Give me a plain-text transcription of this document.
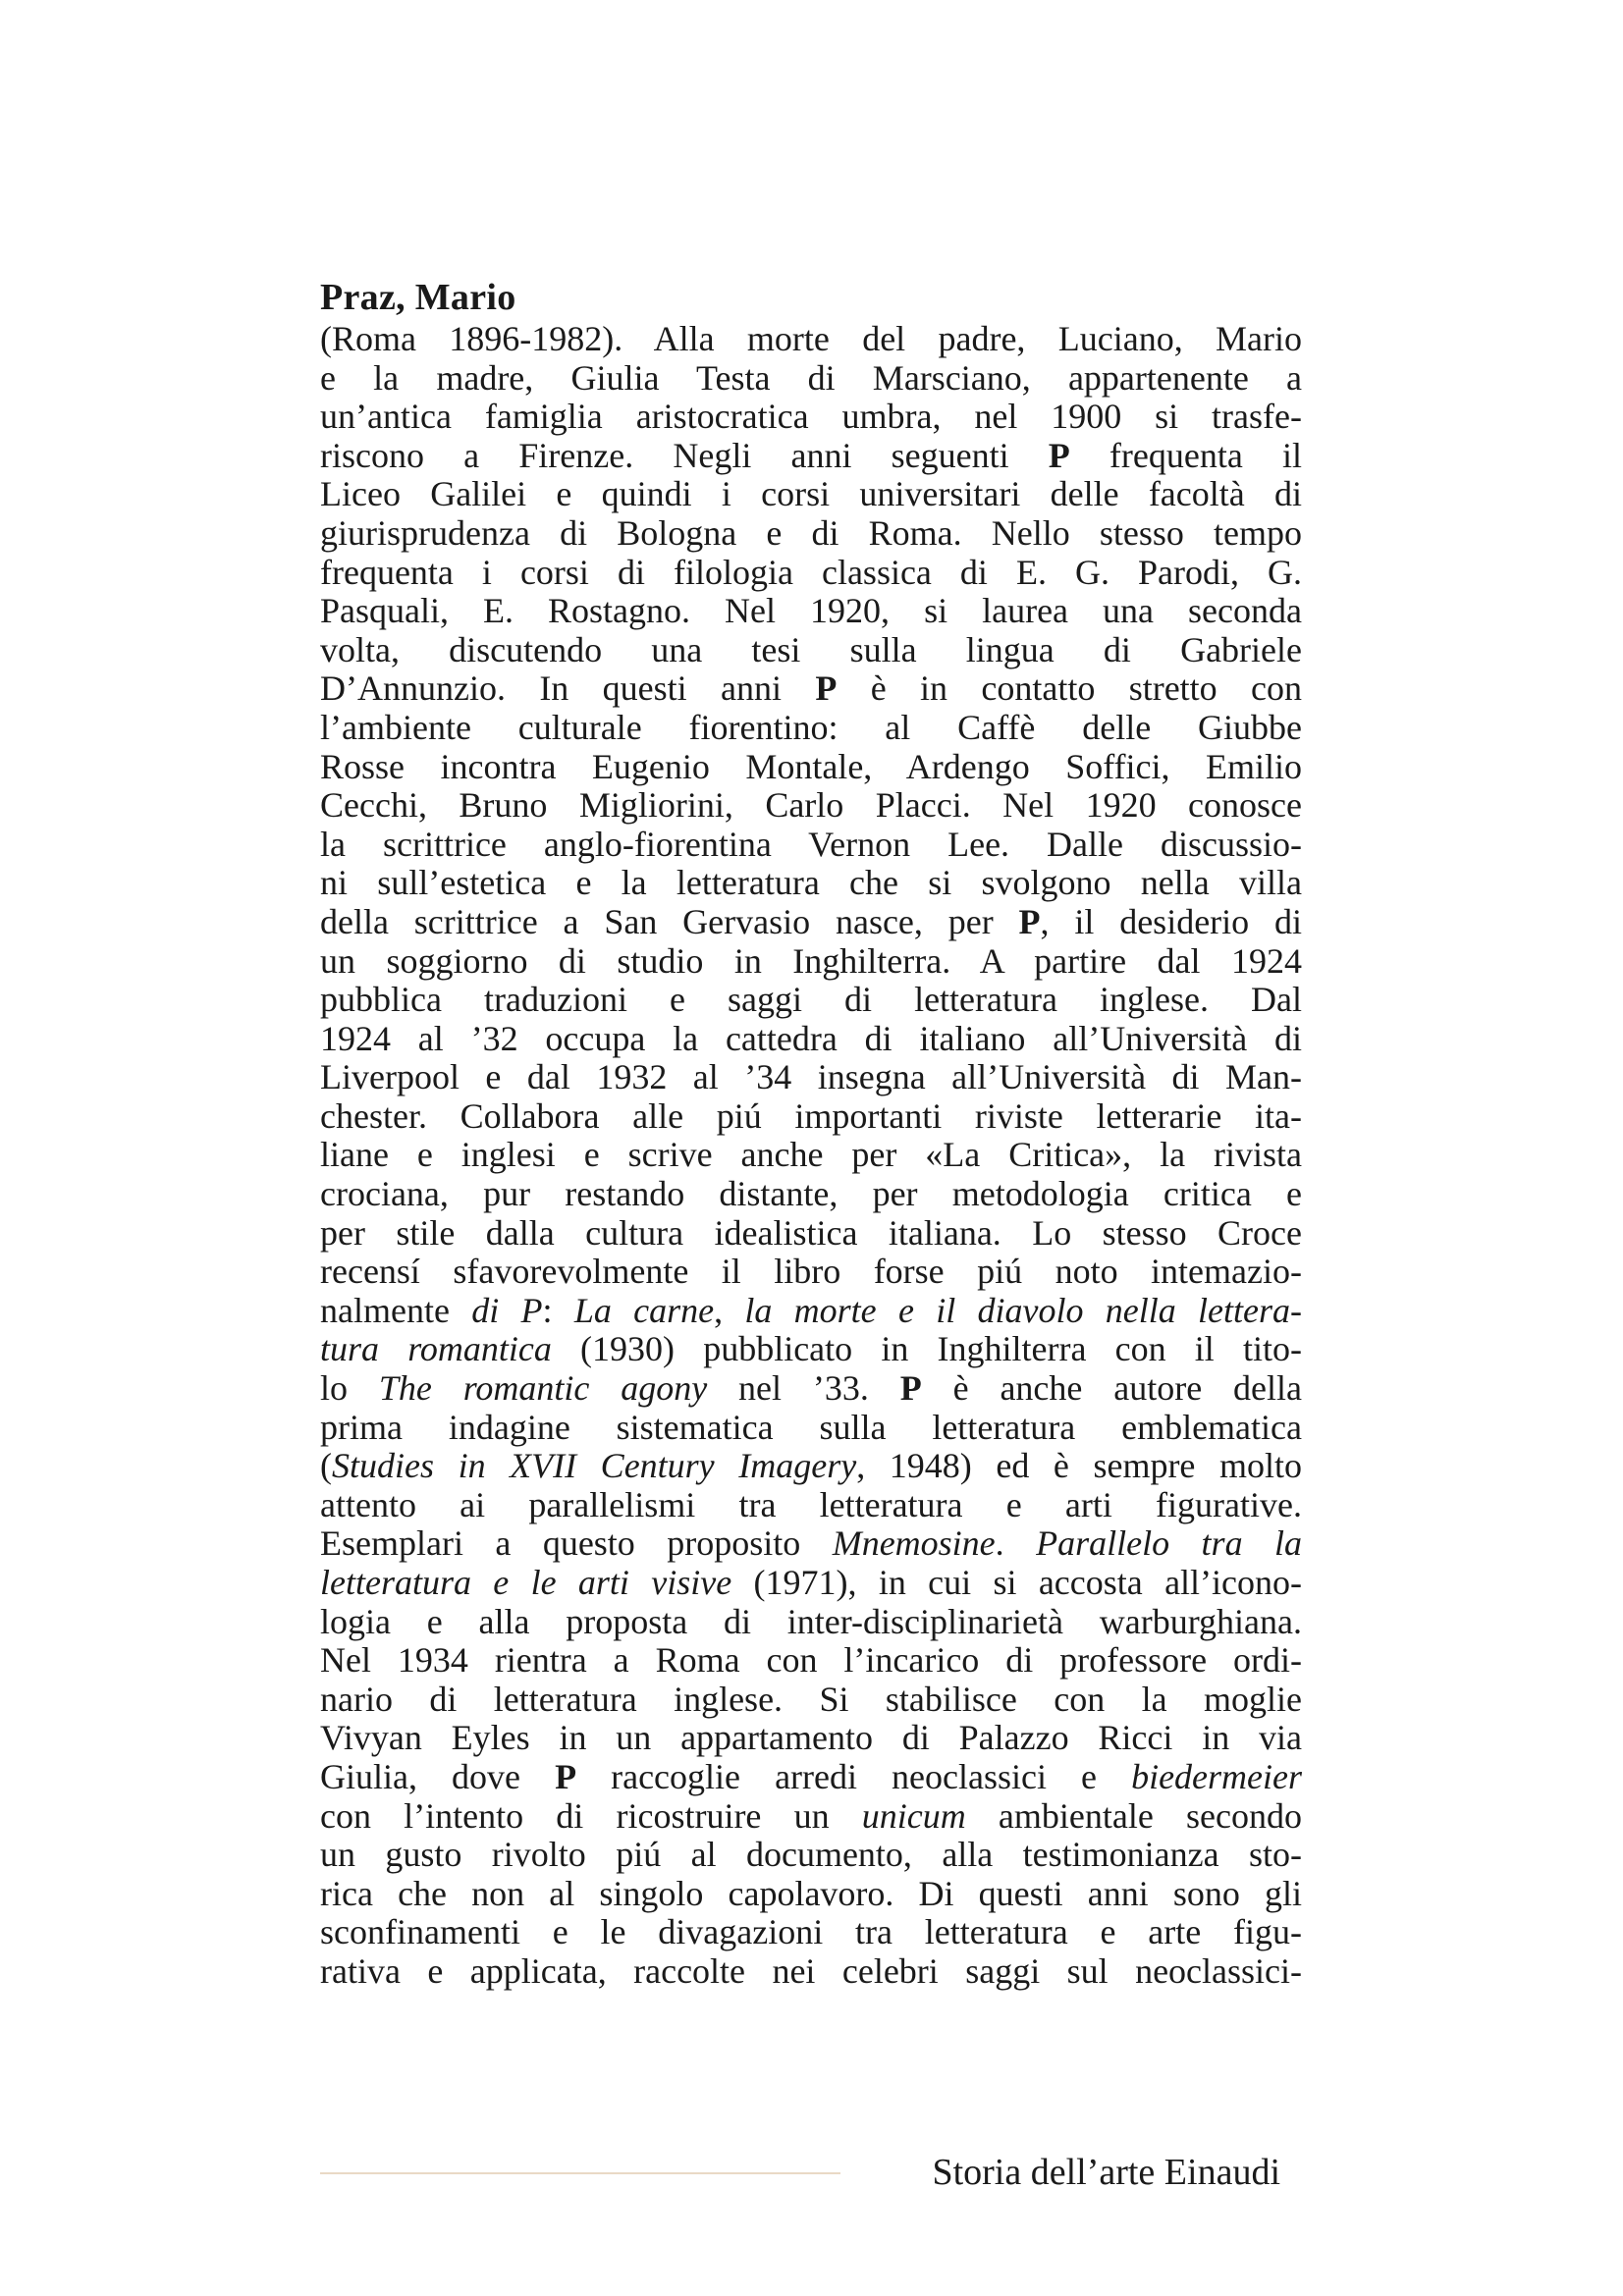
Praz, Mario
(Roma 1896-1982). Alla morte del padre, Luciano, Mario
e la madre, Giulia Testa di Marsciano, appartenente a
un’antica famiglia aristocratica umbra, nel 1900 si trasfe-
riscono a Firenze. Negli anni seguenti P frequenta il
Liceo Galilei e quindi i corsi universitari delle facoltà di
giurisprudenza di Bologna e di Roma. Nello stesso tempo
frequenta i corsi di filologia classica di E. G. Parodi, G.
Pasquali, E. Rostagno. Nel 1920, si laurea una seconda
volta, discutendo una tesi sulla lingua di Gabriele
D’Annunzio. In questi anni P è in contatto stretto con
l’ambiente culturale fiorentino: al Caffè delle Giubbe
Rosse incontra Eugenio Montale, Ardengo Soffici, Emilio
Cecchi, Bruno Migliorini, Carlo Placci. Nel 1920 conosce
la scrittrice anglo-fiorentina Vernon Lee. Dalle discussio-
ni sull’estetica e la letteratura che si svolgono nella villa
della scrittrice a San Gervasio nasce, per P, il desiderio di
un soggiorno di studio in Inghilterra. A partire dal 1924
pubblica traduzioni e saggi di letteratura inglese. Dal
1924 al ’32 occupa la cattedra di italiano all’Università di
Liverpool e dal 1932 al ’34 insegna all’Università di Man-
chester. Collabora alle piú importanti riviste letterarie ita-
liane e inglesi e scrive anche per «La Critica», la rivista
crociana, pur restando distante, per metodologia critica e
per stile dalla cultura idealistica italiana. Lo stesso Croce
recensí sfavorevolmente il libro forse piú noto intemazio-
nalmente di P: La carne, la morte e il diavolo nella lettera-
tura romantica (1930) pubblicato in Inghilterra con il tito-
lo The romantic agony nel ’33. P è anche autore della
prima indagine sistematica sulla letteratura emblematica
(Studies in XVII Century Imagery, 1948) ed è sempre molto
attento ai parallelismi tra letteratura e arti figurative.
Esemplari a questo proposito Mnemosine. Parallelo tra la
letteratura e le arti visive (1971), in cui si accosta all’icono-
logia e alla proposta di inter-disciplinarietà warburghiana.
Nel 1934 rientra a Roma con l’incarico di professore ordi-
nario di letteratura inglese. Si stabilisce con la moglie
Vivyan Eyles in un appartamento di Palazzo Ricci in via
Giulia, dove P raccoglie arredi neoclassici e biedermeier
con l’intento di ricostruire un unicum ambientale secondo
un gusto rivolto piú al documento, alla testimonianza sto-
rica che non al singolo capolavoro. Di questi anni sono gli
sconfinamenti e le divagazioni tra letteratura e arte figu-
rativa e applicata, raccolte nei celebri saggi sul neoclassici-
Storia dell’arte Einaudi
